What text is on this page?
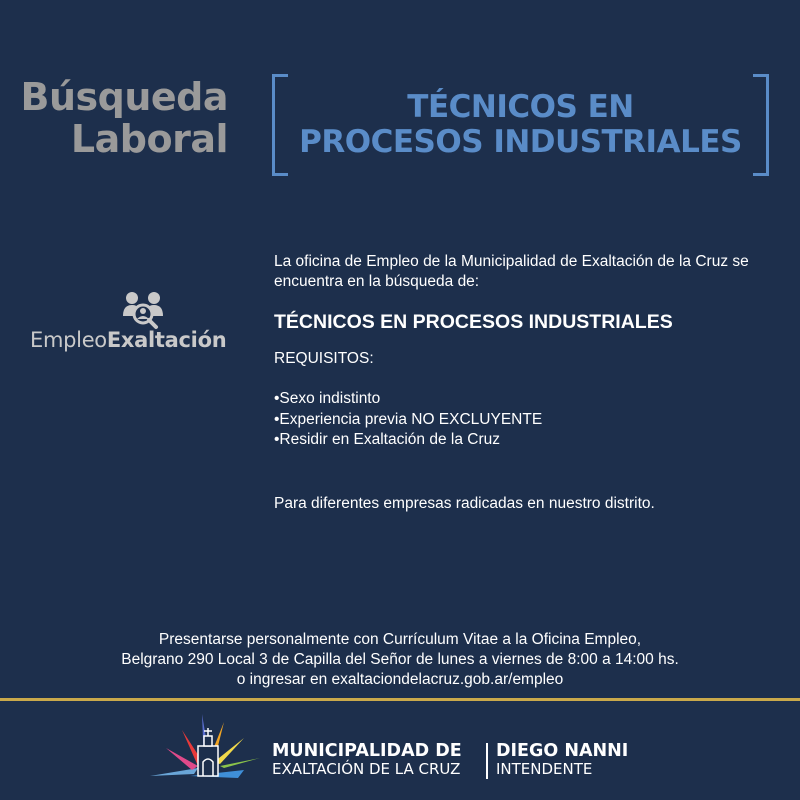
Búsqueda
Laboral
TÉCNICOS EN
PROCESOS INDUSTRIALES
EmpleoExaltación
La oficina de Empleo de la Municipalidad de Exaltación de la Cruz se encuentra en la búsqueda de:
TÉCNICOS EN PROCESOS INDUSTRIALES
REQUISITOS:
•Sexo indistinto
•Experiencia previa NO EXCLUYENTE
•Residir en Exaltación de la Cruz
Para diferentes empresas radicadas en nuestro distrito.
Presentarse personalmente con Currículum Vitae a la Oficina Empleo,
Belgrano 290 Local 3 de Capilla del Señor de lunes a viernes de 8:00 a 14:00 hs.
o ingresar en exaltaciondelacruz.gob.ar/empleo
MUNICIPALIDAD DE
EXALTACIÓN DE LA CRUZ
DIEGO NANNI
INTENDENTE
